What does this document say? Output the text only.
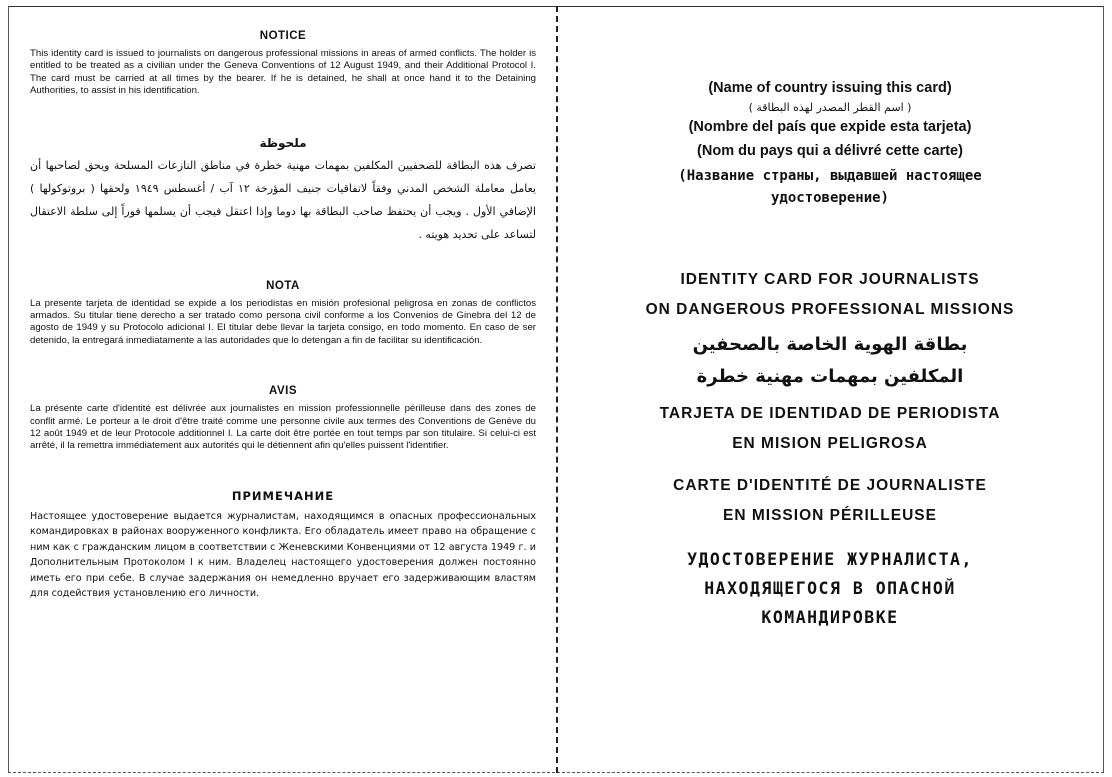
NOTICE

This identity card is issued to journalists on dangerous professional missions in areas of armed conflicts. The holder is entitled to be treated as a civilian under the Geneva Conventions of 12 August 1949, and their Additional Protocol I. The card must be carried at all times by the bearer. If he is detained, he shall at once hand it to the Detaining Authorities, to assist in his identification.

ملحوظة

تصرف هذه البطاقة للصحفيين المكلفين بمهمات مهنية خطرة في مناطق النازعات المسلحة ويحق لصاحبها أن يعامل معاملة الشخص المدني وفقاً لاتفاقيات جنيف المؤرخة ١٢ آب / أغسطس ١٩٤٩ ولحقها ( بروتوكولها ) الإضافي الأول . ويجب أن يحتفظ صاحب البطاقة بها دوما وإذا اعتقل فيجب أن يسلمها فوراً إلى سلطة الاعتقال لتساعد على تحديد هويته .

NOTA

La presente tarjeta de identidad se expide a los periodistas en misión profesional peligrosa en zonas de conflictos armados. Su titular tiene derecho a ser tratado como persona civil conforme a los Convenios de Ginebra del 12 de agosto de 1949 y su Protocolo adicional I. El titular debe llevar la tarjeta consigo, en todo momento. En caso de ser detenido, la entregará inmediatamente a las autoridades que lo detengan a fin de facilitar su identificación.

AVIS

La présente carte d'identité est délivrée aux journalistes en mission professionnelle périlleuse dans des zones de conflit armé. Le porteur a le droit d'être traité comme une personne civile aux termes des Conventions de Genève du 12 août 1949 et de leur Protocole additionnel I. La carte doit être portée en tout temps par son titulaire. Si celui-ci est arrêté, il la remettra immédiatement aux autorités qui le détiennent afin qu'elles puissent l'identifier.

ПРИМЕЧАНИЕ

Настоящее удостоверение выдается журналистам, находящимся в опасных профессиональных командировках в районах вооруженного конфликта. Его обладатель имеет право на обращение с ним как с гражданским лицом в соответствии с Женевскими Конвенциями от 12 августа 1949 г. и Дополнительным Протоколом I к ним. Владелец настоящего удостоверения должен постоянно иметь его при себе. В случае задержания он немедленно вручает его задерживающим властям для содействия установлению его личности.

(Name of country issuing this card)

( اسم القطر المصدر لهذه البطاقة )

(Nombre del país que expide esta tarjeta)

(Nom du pays qui a délivré cette carte)

(Название страны, выдавшей настоящее

удостоверение)

IDENTITY CARD FOR JOURNALISTS

ON DANGEROUS PROFESSIONAL MISSIONS

بطاقة الهوية الخاصة بالصحفين

المكلفين بمهمات مهنية خطرة

TARJETA DE IDENTIDAD DE PERIODISTA

EN MISION PELIGROSA

CARTE D'IDENTITÉ DE JOURNALISTE

EN MISSION PÉRILLEUSE

УДОСТОВЕРЕНИЕ ЖУРНАЛИСТА,

НАХОДЯЩЕГОСЯ В ОПАСНОЙ

КОМАНДИРОВКЕ
